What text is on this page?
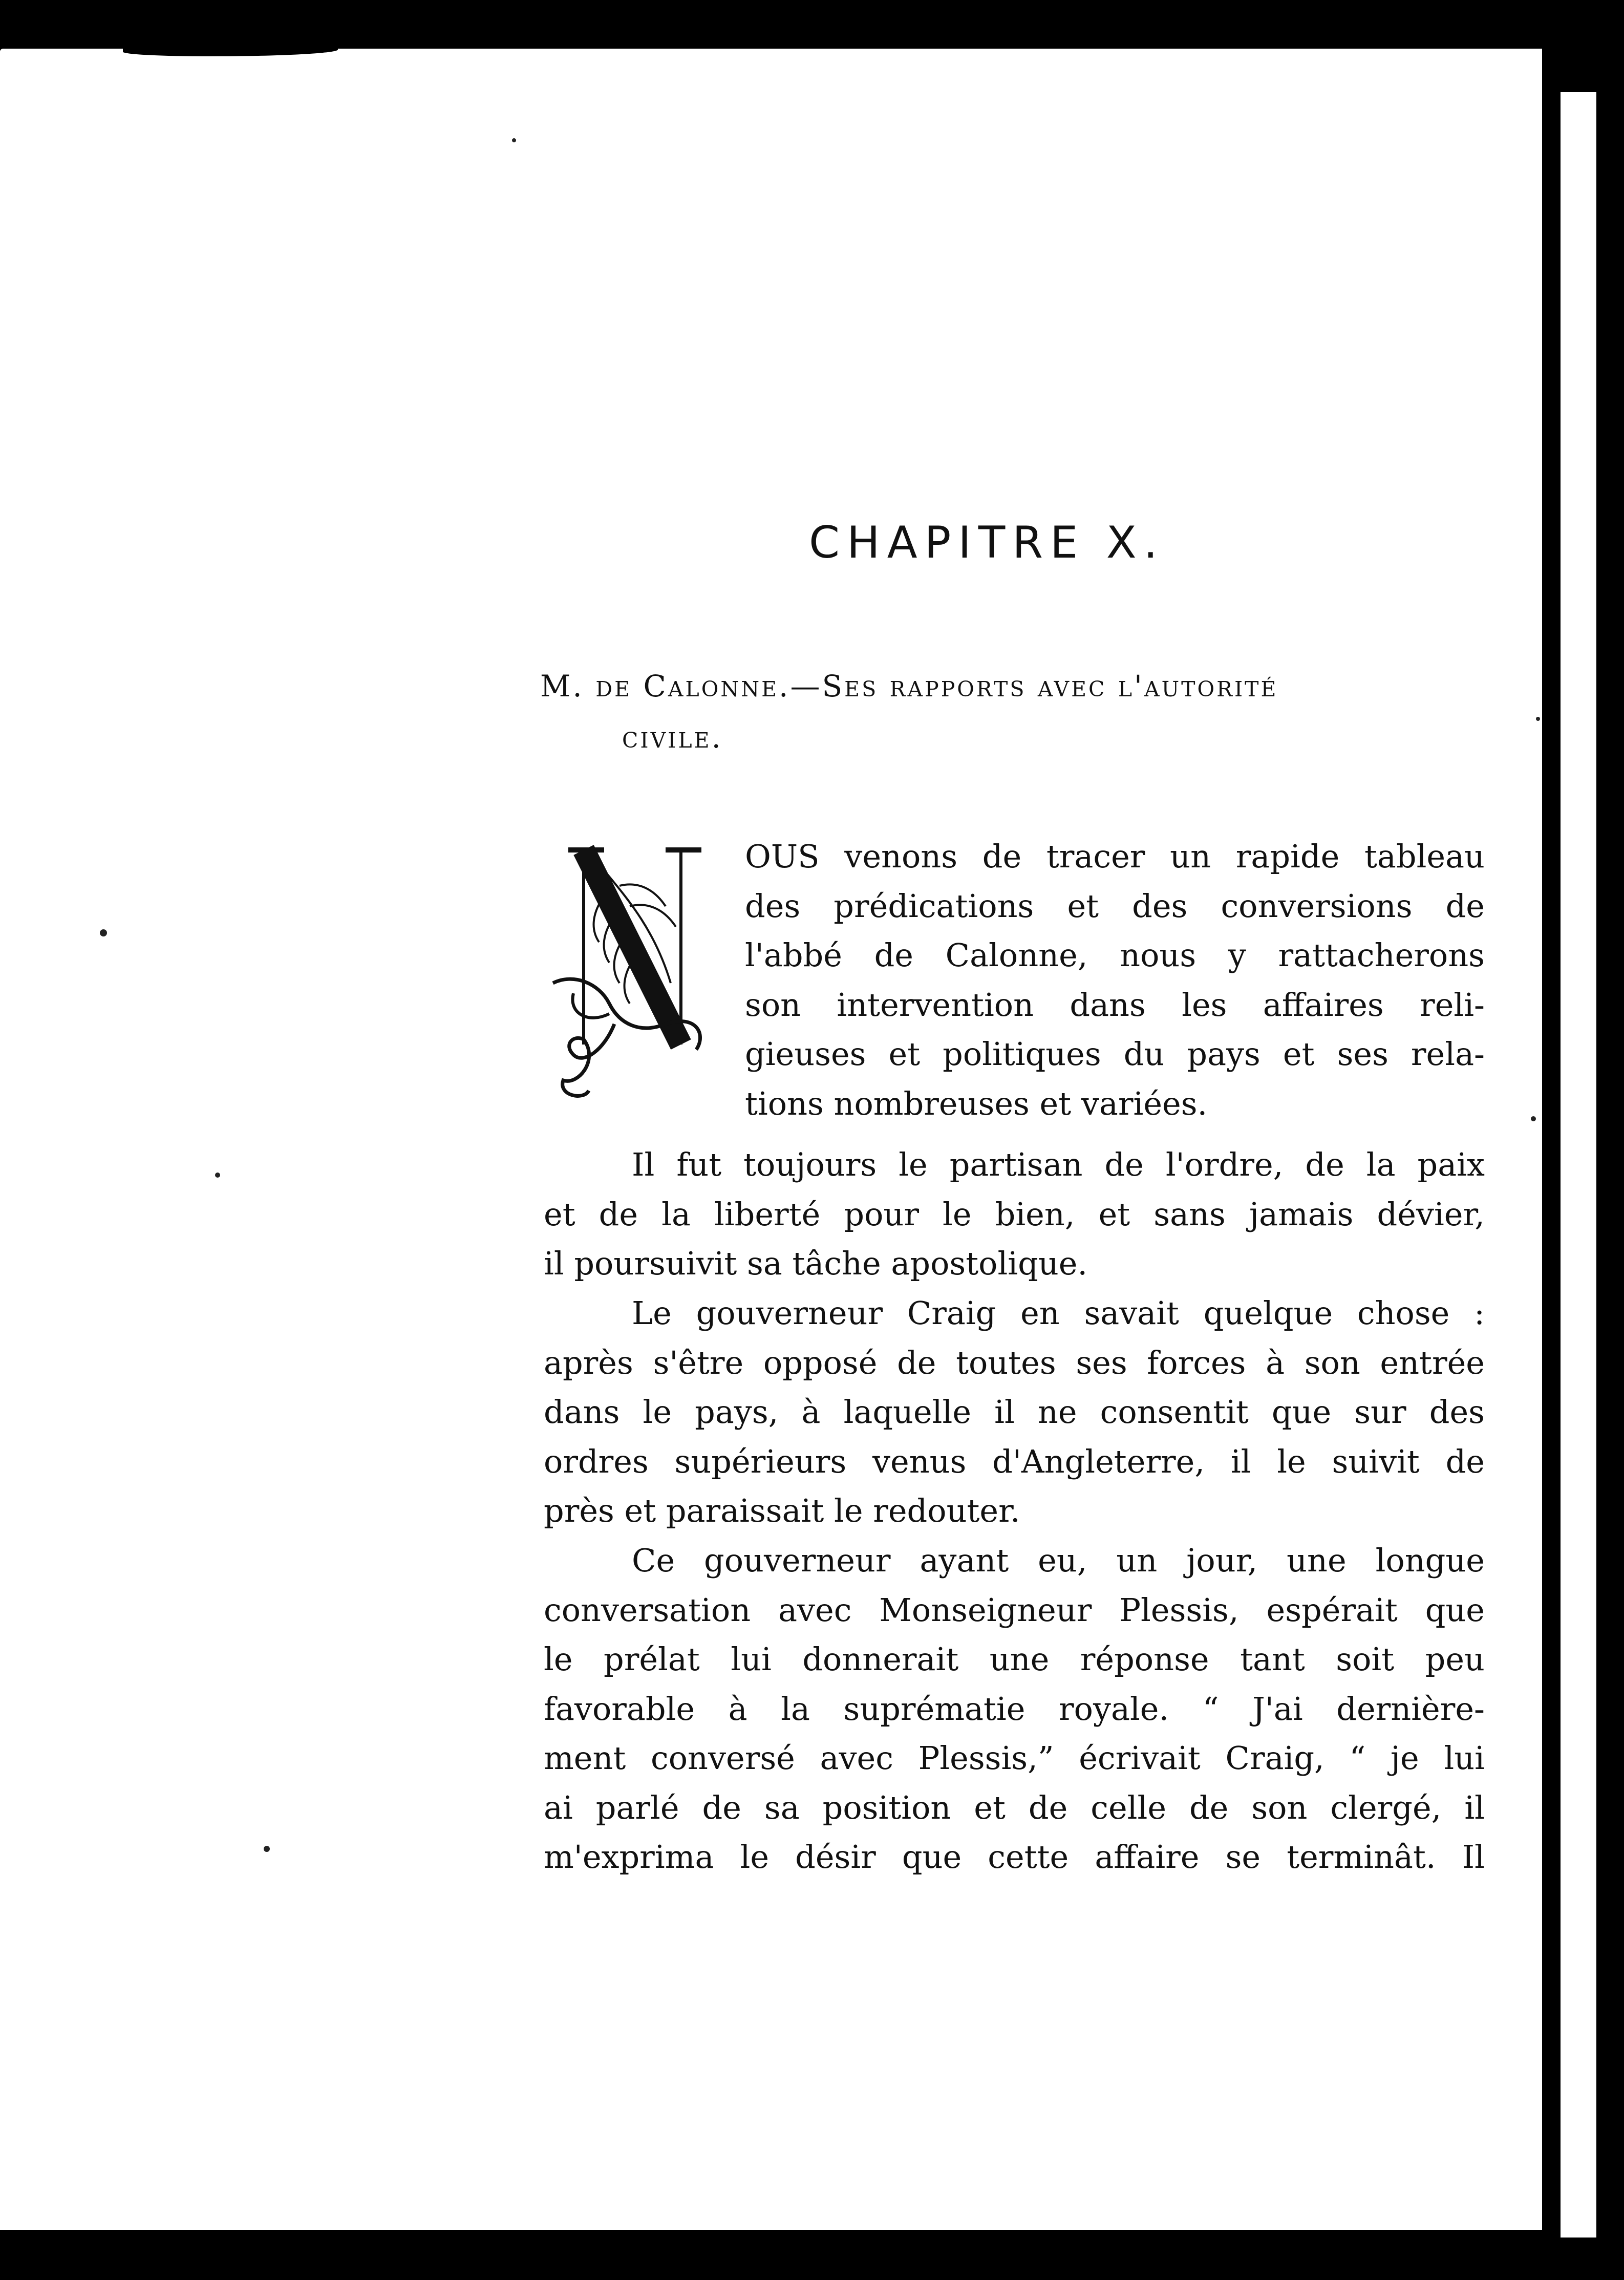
CHAPITRE X.
M. de Calonne.—Ses rapports avec l'autorité
civile.
N
OUS venons de tracer un rapide tableau
des prédications et des conversions de
l'abbé de Calonne, nous y rattacherons
son intervention dans les affaires reli-
gieuses et politiques du pays et ses rela-
tions nombreuses et variées.
Il fut toujours le partisan de l'ordre, de la paix
et de la liberté pour le bien, et sans jamais dévier,
il poursuivit sa tâche apostolique.
Le gouverneur Craig en savait quelque chose :
après s'être opposé de toutes ses forces à son entrée
dans le pays, à laquelle il ne consentit que sur des
ordres supérieurs venus d'Angleterre, il le suivit de
près et paraissait le redouter.
Ce gouverneur ayant eu, un jour, une longue
conversation avec Monseigneur Plessis, espérait que
le prélat lui donnerait une réponse tant soit peu
favorable à la suprématie royale. “ J'ai dernière-
ment conversé avec Plessis,” écrivait Craig, “ je lui
ai parlé de sa position et de celle de son clergé, il
m'exprima le désir que cette affaire se terminât. Il
